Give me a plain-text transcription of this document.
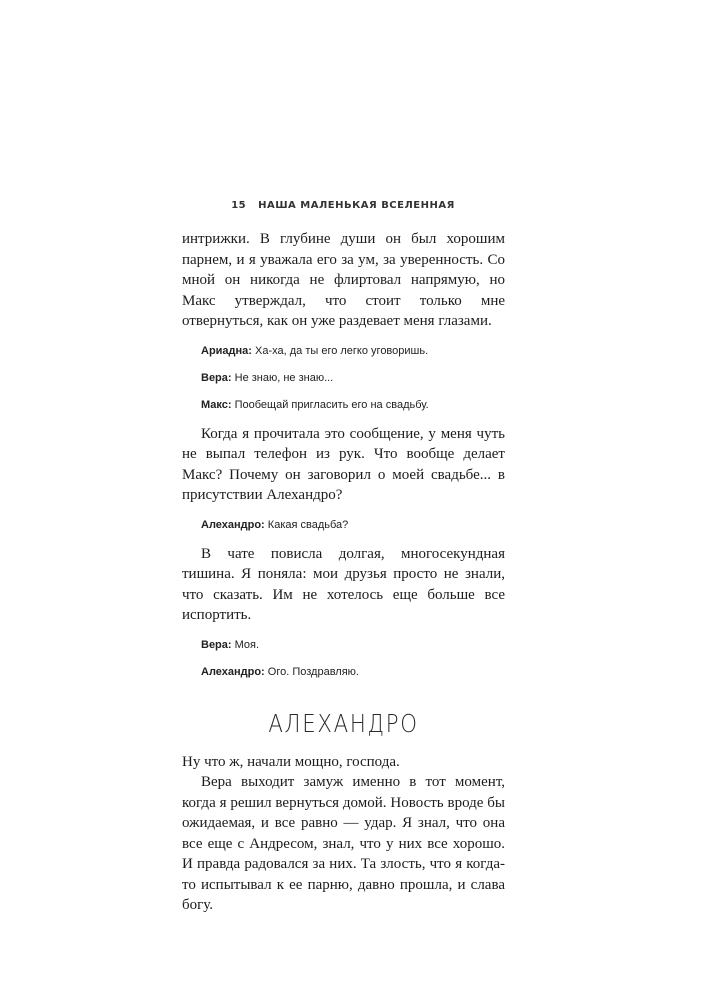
15 НАША МАЛЕНЬКАЯ ВСЕЛЕННАЯ

интрижки. В глубине души он был хорошим парнем, и я уважала его за ум, за уверенность. Со мной он никогда не флиртовал напрямую, но Макс утверждал, что стоит только мне отвернуться, как он уже раздевает меня глазами.

Ариадна: Ха-ха, да ты его легко уговоришь.

Вера: Не знаю, не знаю...

Макс: Пообещай пригласить его на свадьбу.

Когда я прочитала это сообщение, у меня чуть не выпал телефон из рук. Что вообще делает Макс? Почему он заговорил о моей свадьбе... в присутствии Алехандро?

Алехандро: Какая свадьба?

В чате повисла долгая, многосекундная тишина. Я поняла: мои друзья просто не знали, что сказать. Им не хотелось еще больше все испортить.

Вера: Моя.

Алехандро: Ого. Поздравляю.

АЛЕХАНДРО

Ну что ж, начали мощно, господа.

Вера выходит замуж именно в тот момент, когда я решил вернуться домой. Новость вроде бы ожидаемая, и все равно — удар. Я знал, что она все еще с Андресом, знал, что у них все хорошо. И правда радовался за них. Та злость, что я когда-то испытывал к ее парню, давно прошла, и слава богу.
